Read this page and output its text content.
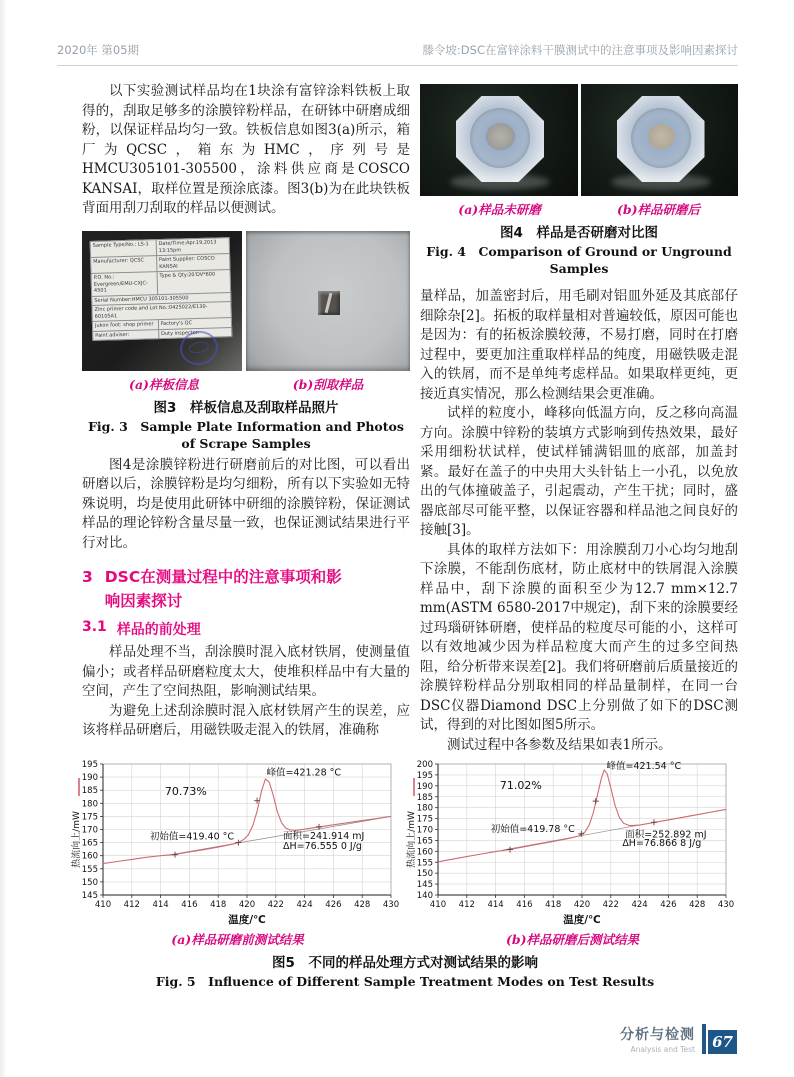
2020年 第05期	滕令坡:DSC在富锌涂料干膜测试中的注意事项及影响因素探讨

以下实验测试样品均在1块涂有富锌涂料铁板上取得的，刮取足够多的涂膜锌粉样品，在研钵中研磨成细粉，以保证样品均匀一致。铁板信息如图3(a)所示，箱厂为QCSC，箱东为HMC，序列号是HMCU305101-305500，涂料供应商是COSCO KANSAI，取样位置是预涂底漆。图3(b)为在此块铁板背面用刮刀刮取的样品以便测试。

Sample Type/No.: LS-1	Date/Time:Apr.19,2013 13:15pm
Manufacturer: QCSC	Paint Supplier: COSCO KANSAI
P.O. No.: Evergreen/EMU-CXJC-4501	Type & Qty:20'DV*600
Serial Number:HMCU 305101-305500	
Zinc primer code and Lot No.:0425022/E130-60105A1	
Jukon foot: shop primer	Factory's QC
Paint adviser:	Duty inspector:
(a)样板信息	(b)刮取样品
图3　样板信息及刮取样品照片
Fig. 3　Sample Plate Information and Photos of Scrape Samples

图4是涂膜锌粉进行研磨前后的对比图，可以看出研磨以后，涂膜锌粉是均匀细粉，所有以下实验如无特殊说明，均是使用此研钵中研细的涂膜锌粉，保证测试样品的理论锌粉含量尽量一致，也保证测试结果进行平行对比。

3 DSC在测量过程中的注意事项和影响因素探讨
3.1 样品的前处理

样品处理不当，刮涂膜时混入底材铁屑，使测量值偏小；或者样品研磨粒度太大，使堆积样品中有大量的空间，产生了空间热阻，影响测试结果。

为避免上述刮涂膜时混入底材铁屑产生的误差，应该将样品研磨后，用磁铁吸走混入的铁屑，准确称

(a)样品未研磨	(b)样品研磨后
图4　样品是否研磨对比图
Fig. 4　Comparison of Ground or Unground Samples

量样品，加盖密封后，用毛刷对铝皿外延及其底部仔细除杂[2]。拓板的取样量相对普遍较低，原因可能也是因为：有的拓板涂膜较薄，不易打磨，同时在打磨过程中，要更加注重取样样品的纯度，用磁铁吸走混入的铁屑，而不是单纯考虑样品。如果取样更纯，更接近真实情况，那么检测结果会更准确。

试样的粒度小，峰移向低温方向，反之移向高温方向。涂膜中锌粉的装填方式影响到传热效果，最好采用细粉状试样，使试样铺满铝皿的底部，加盖封紧。最好在盖子的中央用大头针钻上一小孔，以免放出的气体撞破盖子，引起震动，产生干扰；同时，盛器底部尽可能平整，以保证容器和样品池之间良好的接触[3]。

具体的取样方法如下：用涂膜刮刀小心均匀地刮下涂膜，不能刮伤底材，防止底材中的铁屑混入涂膜样品中，刮下涂膜的面积至少为12.7 mm×12.7 mm(ASTM 6580-2017中规定)，刮下来的涂膜要经过玛瑙研钵研磨，使样品的粒度尽可能的小，这样可以有效地减少因为样品粒度大而产生的过多空间热阻，给分析带来误差[2]。我们将研磨前后质量接近的涂膜锌粉样品分别取相同的样品量制样，在同一台DSC仪器Diamond DSC上分别做了如下的DSC测试，得到的对比图如图5所示。

测试过程中各参数及结果如表1所示。

410 412 414 416 418 420 422 424 426 428 430
145
150
155
160
165
170
175
180
185
190
195
峰值=421.28 °C
70.73%
初始值=419.40 °C	面积=241.914 mJ
ΔH=76.555 0 J/g
温度/℃
热流向上/mW
410 412 414 416 418 420 422 424 426 428 430
140
145
150
155
160
165
170
175
180
185
190
195
200	峰值=421.54 °C
71.02%
初始值=419.78 °C	面积=252.892 mJ
ΔH=76.866 8 J/g
温度/℃
热流向上/mW
(a)样品研磨前测试结果	(b)样品研磨后测试结果
图5　不同的样品处理方式对测试结果的影响
Fig. 5　Influence of Different Sample Treatment Modes on Test Results
分析与检测
Analysis and Test 67
